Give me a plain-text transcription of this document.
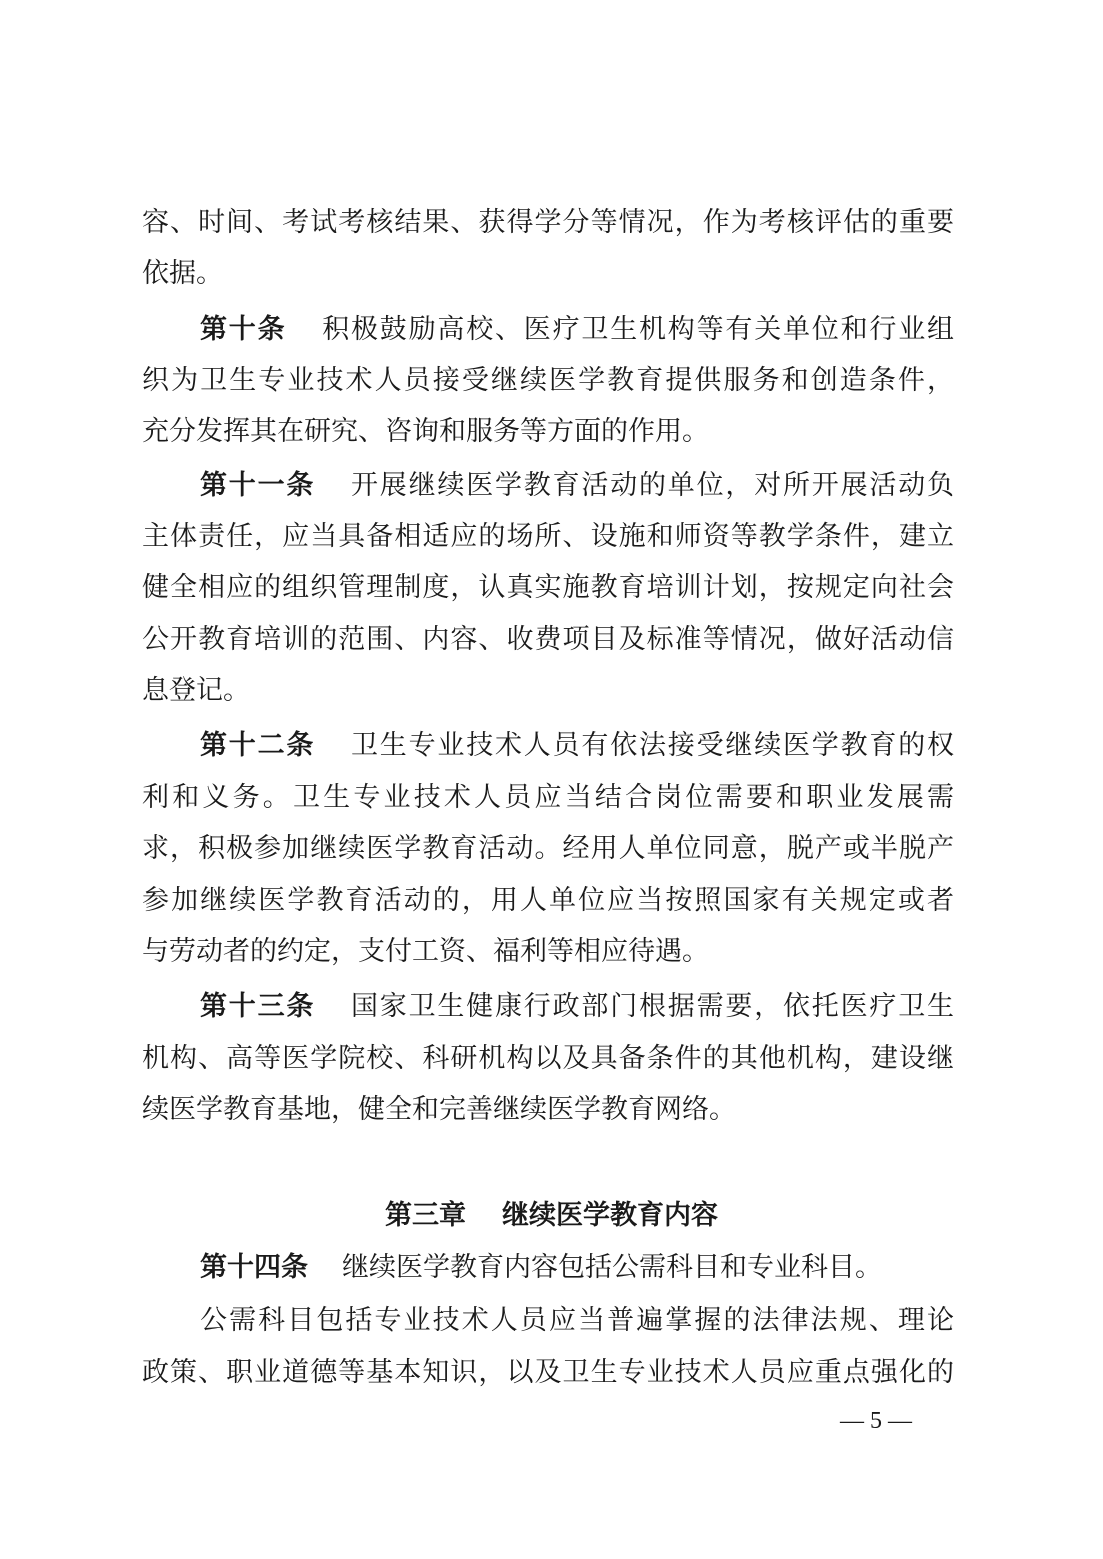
容、时间、考试考核结果、获得学分等情况，作为考核评估的重要
依据。
第十条 积极鼓励高校、医疗卫生机构等有关单位和行业组
织为卫生专业技术人员接受继续医学教育提供服务和创造条件，
充分发挥其在研究、咨询和服务等方面的作用。
第十一条 开展继续医学教育活动的单位，对所开展活动负
主体责任，应当具备相适应的场所、设施和师资等教学条件，建立
健全相应的组织管理制度，认真实施教育培训计划，按规定向社会
公开教育培训的范围、内容、收费项目及标准等情况，做好活动信
息登记。
第十二条 卫生专业技术人员有依法接受继续医学教育的权
利和义务。卫生专业技术人员应当结合岗位需要和职业发展需
求，积极参加继续医学教育活动。经用人单位同意，脱产或半脱产
参加继续医学教育活动的，用人单位应当按照国家有关规定或者
与劳动者的约定，支付工资、福利等相应待遇。
第十三条 国家卫生健康行政部门根据需要，依托医疗卫生
机构、高等医学院校、科研机构以及具备条件的其他机构，建设继
续医学教育基地，健全和完善继续医学教育网络。
第三章 继续医学教育内容
第十四条 继续医学教育内容包括公需科目和专业科目。
公需科目包括专业技术人员应当普遍掌握的法律法规、理论
政策、职业道德等基本知识，以及卫生专业技术人员应重点强化的
— 5 —
